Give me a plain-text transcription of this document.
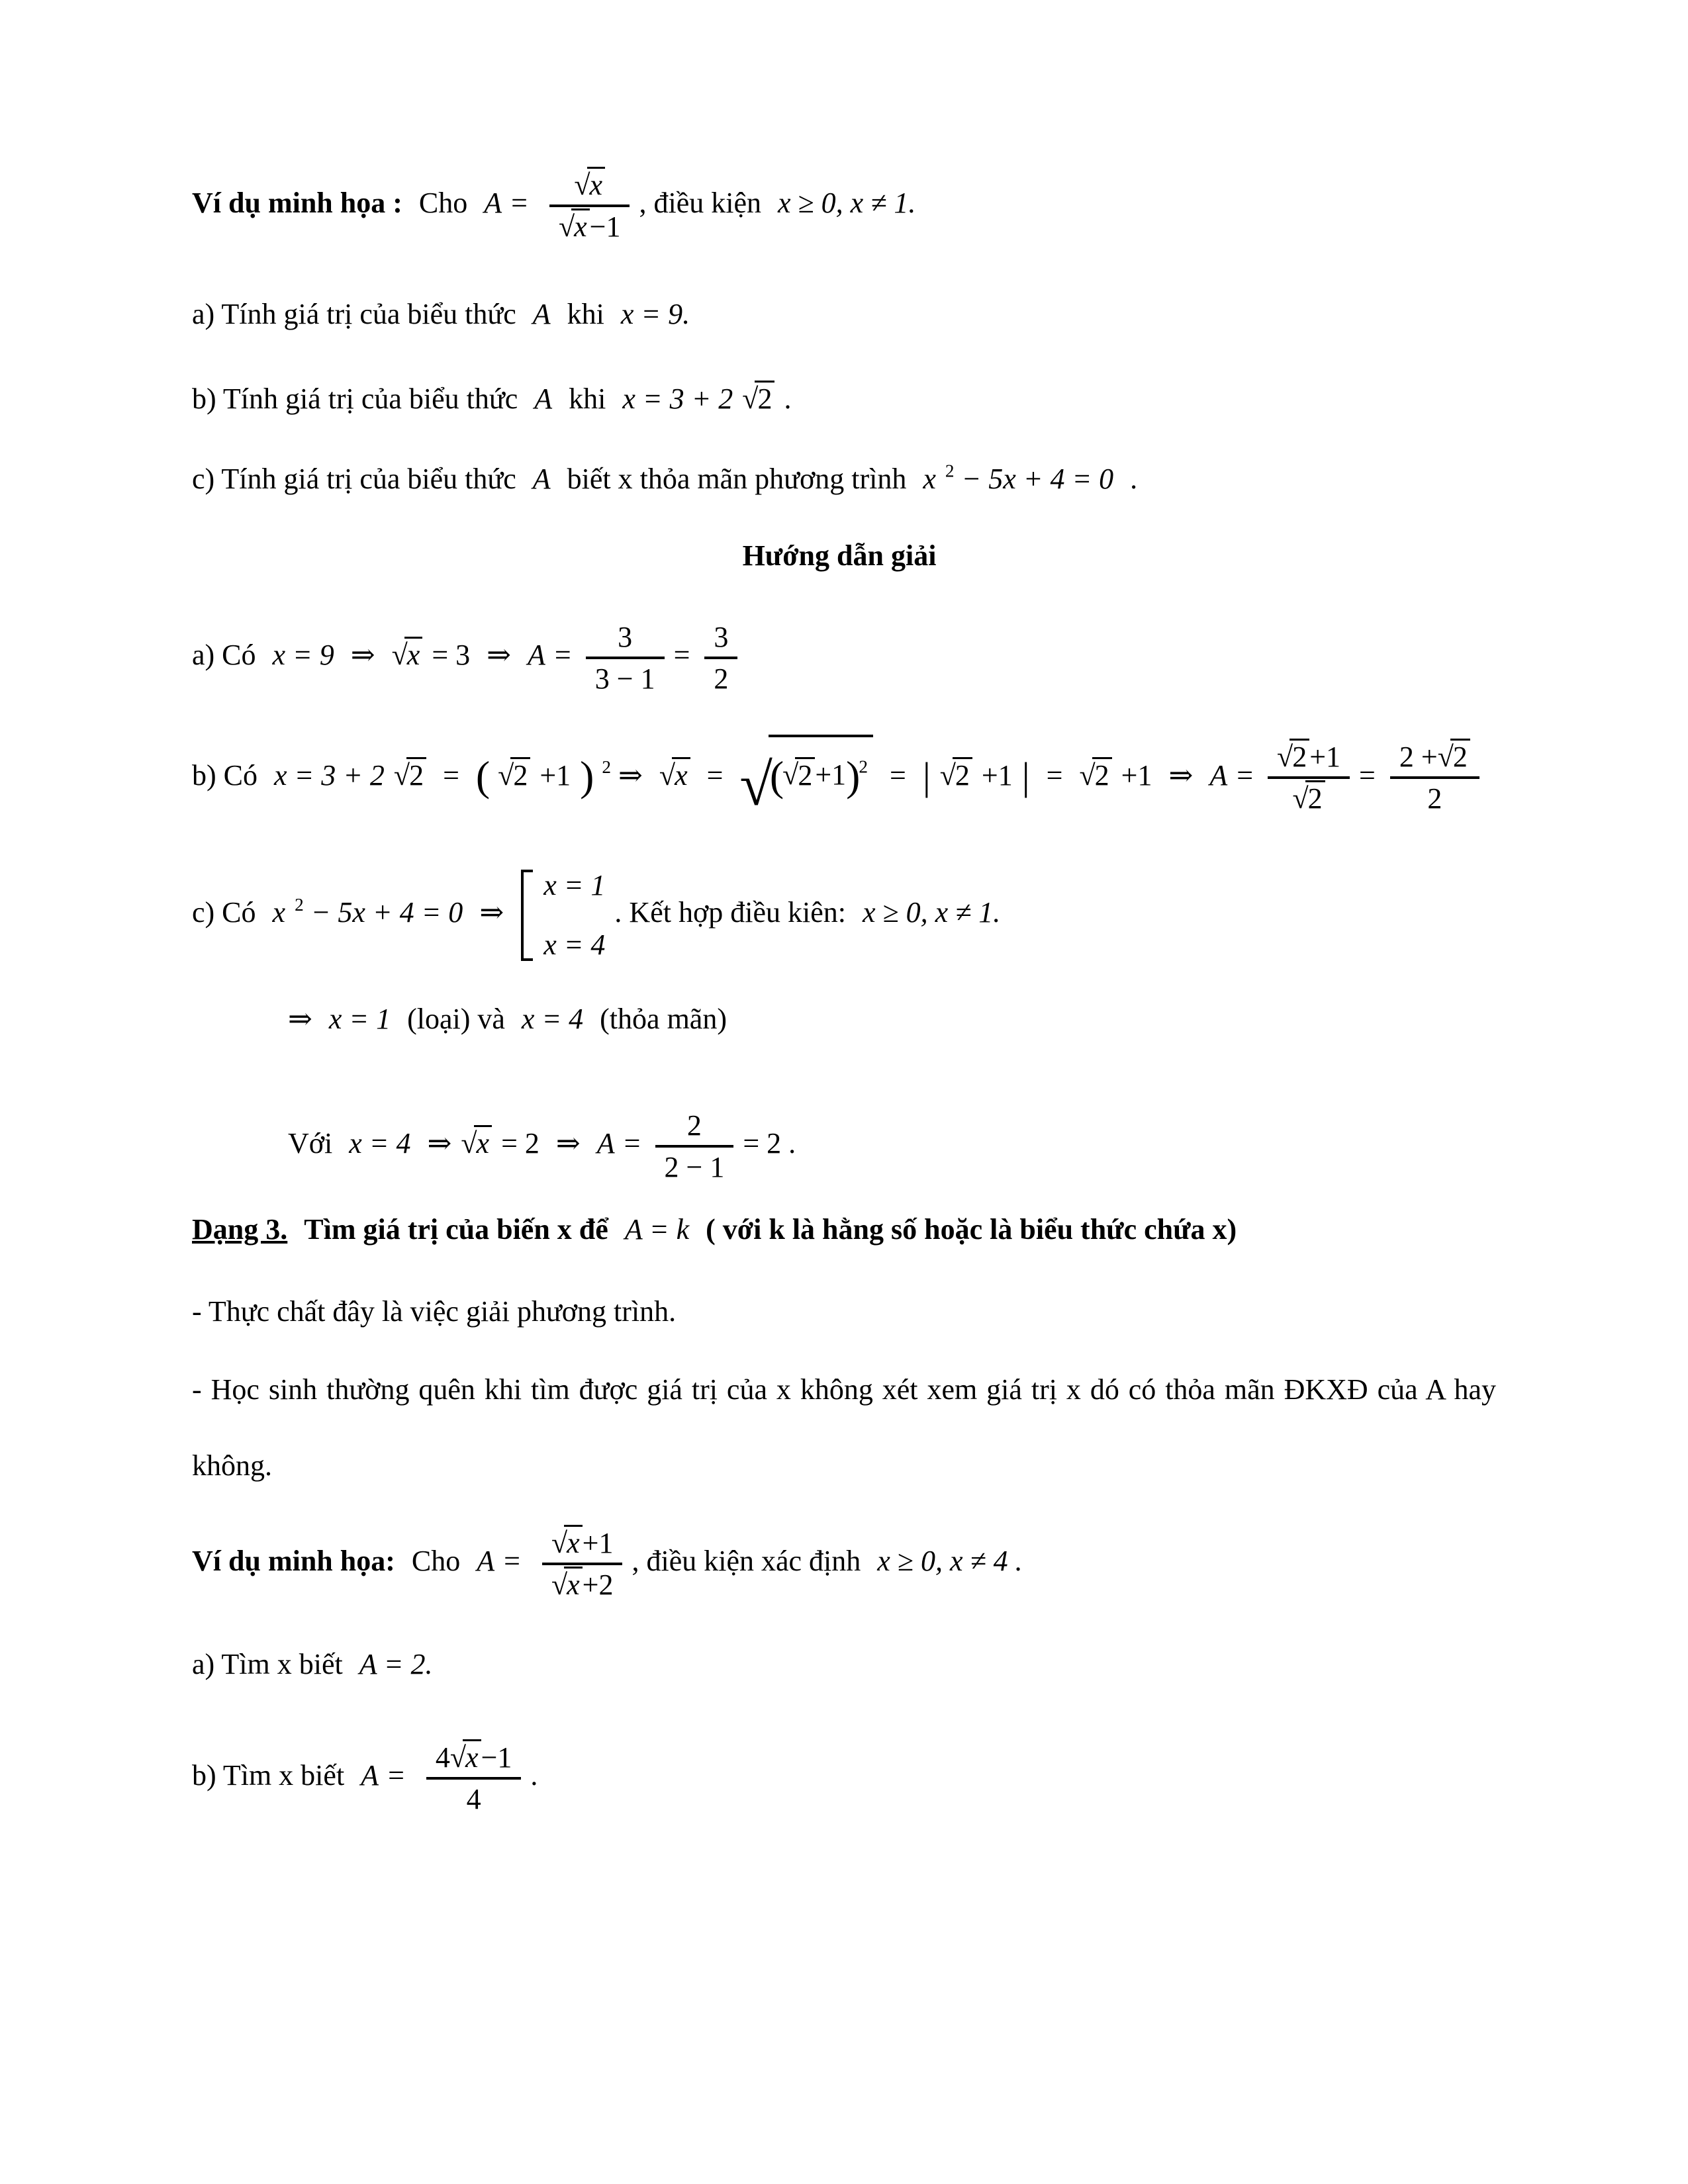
Ví dụ minh họa : Cho $A = \frac{√x}{√x-1}$ , điều kiện x ≥ 0, x ≠ 1.
a) Tính giá trị của biểu thức A khi x = 9.
b) Tính giá trị của biểu thức A khi x = 3 + 2 √2 .
c) Tính giá trị của biểu thức A biết x thỏa mãn phương trình x $^2$ − 5x + 4 = 0 .
Hướng dẫn giải
a) Có x = 9 ⇒ √x = 3 ⇒ $A = \frac{3}{3 - 1} = \frac{3}{2}$
b) Có x = 3 + 2 √2 = ( √2 +1 ) $^2$ ⇒ $√x = √(√2+1)^2$ = | √2 +1 | = √2 +1 ⇒ $A = \frac{√2+1}{√2} = \frac{2 +√2}{2}$
c) Có x $^2$ − 5x + 4 = 0 ⇒
x = 1
x = 4
. Kết hợp điều kiên: x ≥ 0, x ≠ 1.
⇒ x = 1 (loại) và x = 4 (thỏa mãn)
Với x = 4 ⇒ √x = 2 ⇒ $A = \frac{2}{2 - 1} = 2$ .
Dạng 3. Tìm giá trị của biến x để A = k ( với k là hằng số hoặc là biểu thức chứa x)
- Thực chất đây là việc giải phương trình.
- Học sinh thường quên khi tìm được giá trị của x không xét xem giá trị x dó có thỏa mãn ĐKXĐ của A hay không.
Ví dụ minh họa: Cho $A = \frac{√x+1}{√x+2}$ , điều kiện xác định x ≥ 0, x ≠ 4 .
a) Tìm x biết A = 2.
b) Tìm x biết $A = \frac{4√x-1}{4}$ .
